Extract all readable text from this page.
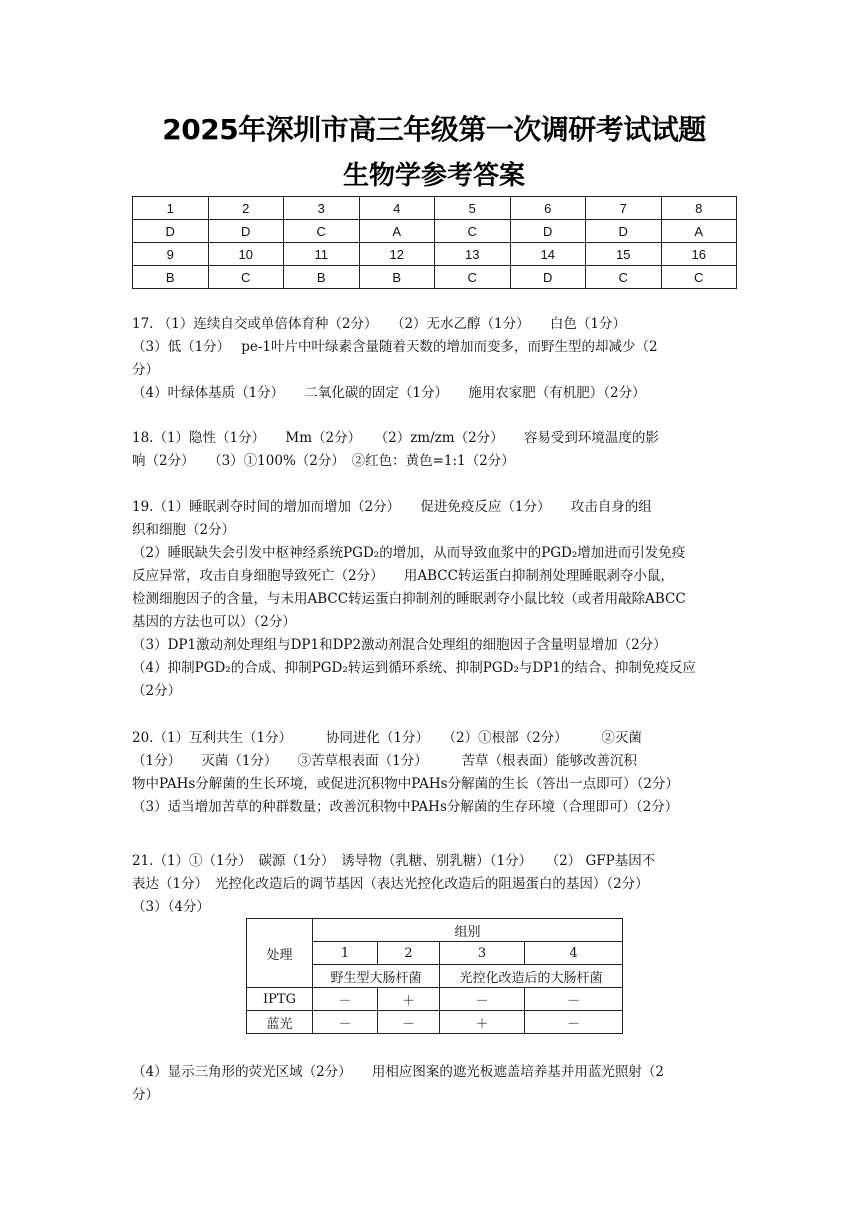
2025年深圳市高三年级第一次调研考试试题
生物学参考答案
1	2	3	4	5	6	7	8
D	D	C	A	C	D	D	A
9	10	11	12	13	14	15	16
B	C	B	B	C	D	C	C
17. （1）连续自交或单倍体育种（2分）　　（2）无水乙醇（1分）　　白色（1分）
（3）低（1分）　 pe-1叶片中叶绿素含量随着天数的增加而变多，而野生型的却减少（2
分）
（4）叶绿体基质（1分）　　二氧化碳的固定（1分）　　施用农家肥（有机肥）（2分）
18.（1）隐性（1分）　　Mm（2分）　　（2）zm/zm（2分）　　容易受到环境温度的影
响（2分）　　（3）①100%（2分）　②红色：黄色=1:1（2分）
19.（1）睡眠剥夺时间的增加而增加（2分）　　促进免疫反应（1分）　　攻击自身的组
织和细胞（2分）
（2）睡眠缺失会引发中枢神经系统PGD₂的增加，从而导致血浆中的PGD₂增加进而引发免疫
反应异常，攻击自身细胞导致死亡（2分）　　用ABCC转运蛋白抑制剂处理睡眠剥夺小鼠，
检测细胞因子的含量，与未用ABCC转运蛋白抑制剂的睡眠剥夺小鼠比较（或者用敲除ABCC
基因的方法也可以）（2分）
（3）DP1激动剂处理组与DP1和DP2激动剂混合处理组的细胞因子含量明显增加（2分）
（4）抑制PGD₂的合成、抑制PGD₂转运到循环系统、抑制PGD₂与DP1的结合、抑制免疫反应
（2分）
20.（1）互利共生（1分）　　　协同进化（1分）　　（2）①根部（2分）　　　②灭菌
（1分）　　灭菌（1分）　　③苦草根表面（1分）　　　苦草（根表面）能够改善沉积
物中PAHs分解菌的生长环境，或促进沉积物中PAHs分解菌的生长（答出一点即可）（2分）
（3）适当增加苦草的种群数量；改善沉积物中PAHs分解菌的生存环境（合理即可）（2分）
21.（1）①（1分）　碳源（1分）　诱导物（乳糖、别乳糖）（1分）　　（2） GFP基因不
表达（1分）　光控化改造后的调节基因（表达光控化改造后的阻遏蛋白的基因）（2分）
（3）（4分）
处理	组别			
	1	2	3	4
	野生型大肠杆菌		光控化改造后的大肠杆菌	
IPTG	－	＋	－	－
蓝光	－	－	＋	－
（4）显示三角形的荧光区域（2分）　　用相应图案的遮光板遮盖培养基并用蓝光照射（2
分）
